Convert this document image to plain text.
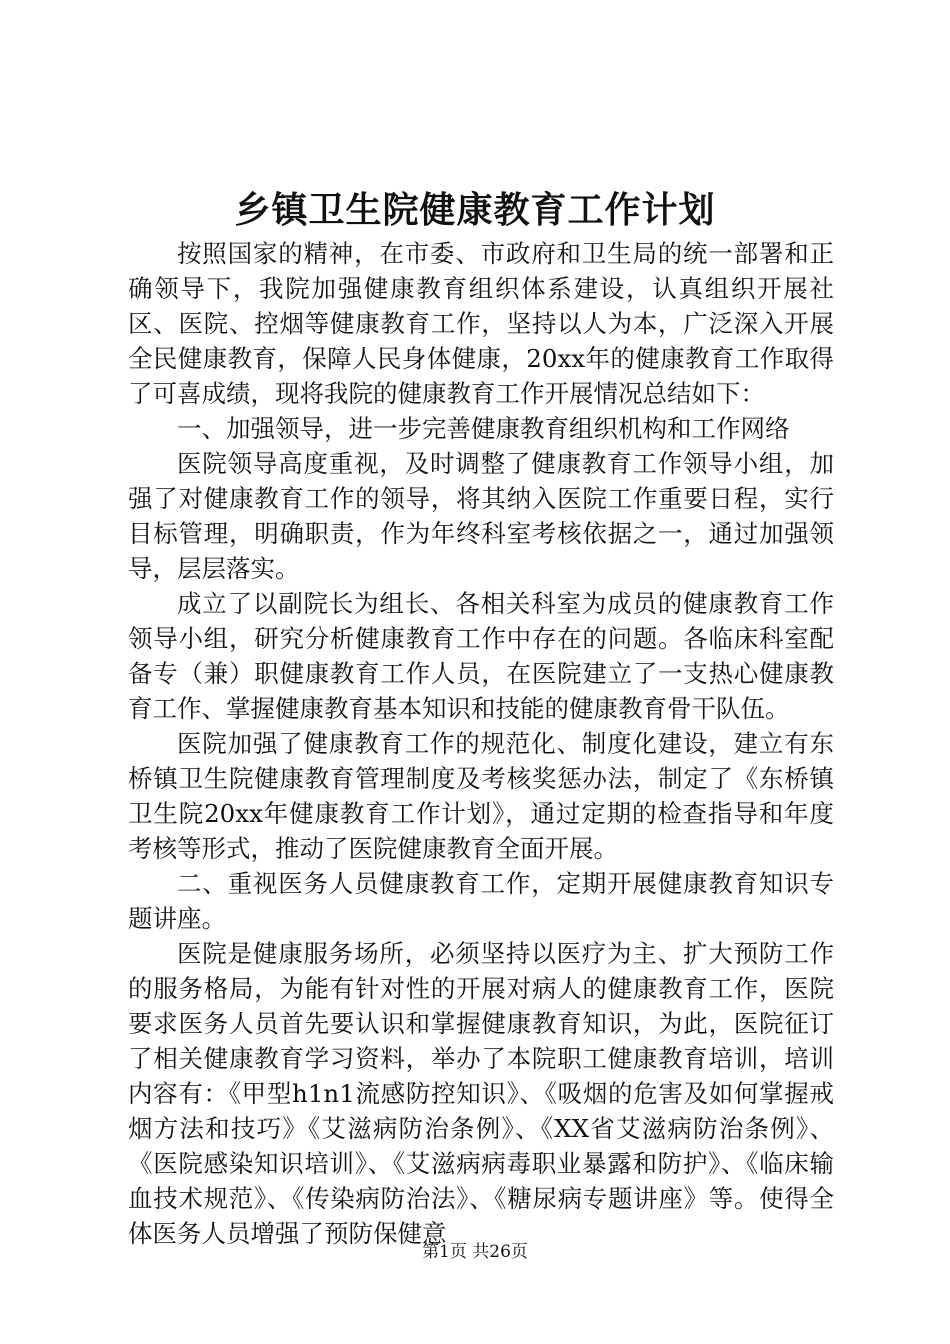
乡镇卫生院健康教育工作计划

按照国家的精神，在市委、市政府和卫生局的统一部署和正确领导下，我院加强健康教育组织体系建设，认真组织开展社区、医院、控烟等健康教育工作，坚持以人为本，广泛深入开展全民健康教育，保障人民身体健康，20xx年的健康教育工作取得了可喜成绩，现将我院的健康教育工作开展情况总结如下：

一、加强领导，进一步完善健康教育组织机构和工作网络

医院领导高度重视，及时调整了健康教育工作领导小组，加强了对健康教育工作的领导，将其纳入医院工作重要日程，实行目标管理，明确职责，作为年终科室考核依据之一，通过加强领导，层层落实。

成立了以副院长为组长、各相关科室为成员的健康教育工作领导小组，研究分析健康教育工作中存在的问题。各临床科室配备专（兼）职健康教育工作人员，在医院建立了一支热心健康教育工作、掌握健康教育基本知识和技能的健康教育骨干队伍。

医院加强了健康教育工作的规范化、制度化建设，建立有东桥镇卫生院健康教育管理制度及考核奖惩办法，制定了《东桥镇卫生院20xx年健康教育工作计划》，通过定期的检查指导和年度考核等形式，推动了医院健康教育全面开展。

二、重视医务人员健康教育工作，定期开展健康教育知识专题讲座。

医院是健康服务场所，必须坚持以医疗为主、扩大预防工作的服务格局，为能有针对性的开展对病人的健康教育工作，医院要求医务人员首先要认识和掌握健康教育知识，为此，医院征订了相关健康教育学习资料，举办了本院职工健康教育培训，培训内容有：《甲型h1n1流感防控知识》、《吸烟的危害及如何掌握戒烟方法和技巧》《艾滋病防治条例》、《XX省艾滋病防治条例》、《医院感染知识培训》、《艾滋病病毒职业暴露和防护》、《临床输血技术规范》、《传染病防治法》、《糖尿病专题讲座》等。使得全体医务人员增强了预防保健意

第1页 共26页
